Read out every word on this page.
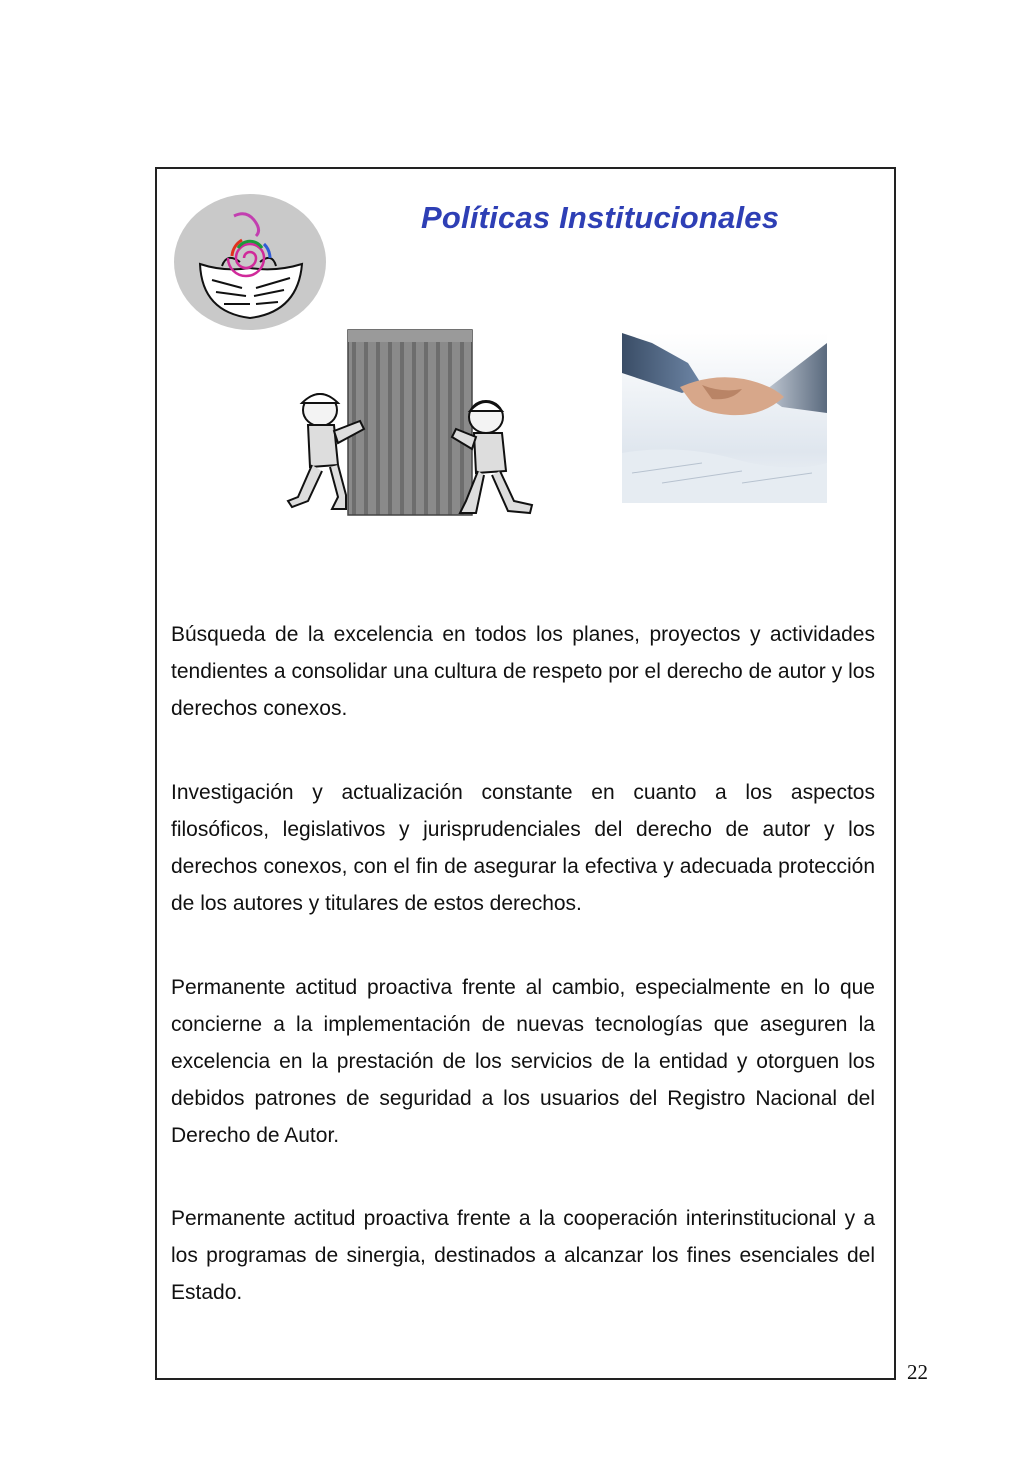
Políticas Institucionales

Búsqueda de la excelencia en todos los planes, proyectos y actividades tendientes a consolidar una cultura de respeto por el derecho de autor y los derechos conexos.

Investigación y actualización constante en cuanto a los aspectos filosóficos, legislativos y jurisprudenciales del derecho de autor y los derechos conexos, con el fin de asegurar la efectiva y adecuada protección de los autores y titulares de estos derechos.

Permanente actitud proactiva frente al cambio, especialmente en lo que concierne a la implementación de nuevas tecnologías que aseguren la excelencia en la prestación de los servicios de la entidad y otorguen los debidos patrones de seguridad a los usuarios del Registro Nacional del Derecho de Autor.

Permanente actitud proactiva frente a la cooperación interinstitucional y a los programas de sinergia, destinados a alcanzar los fines esenciales del Estado.

22
